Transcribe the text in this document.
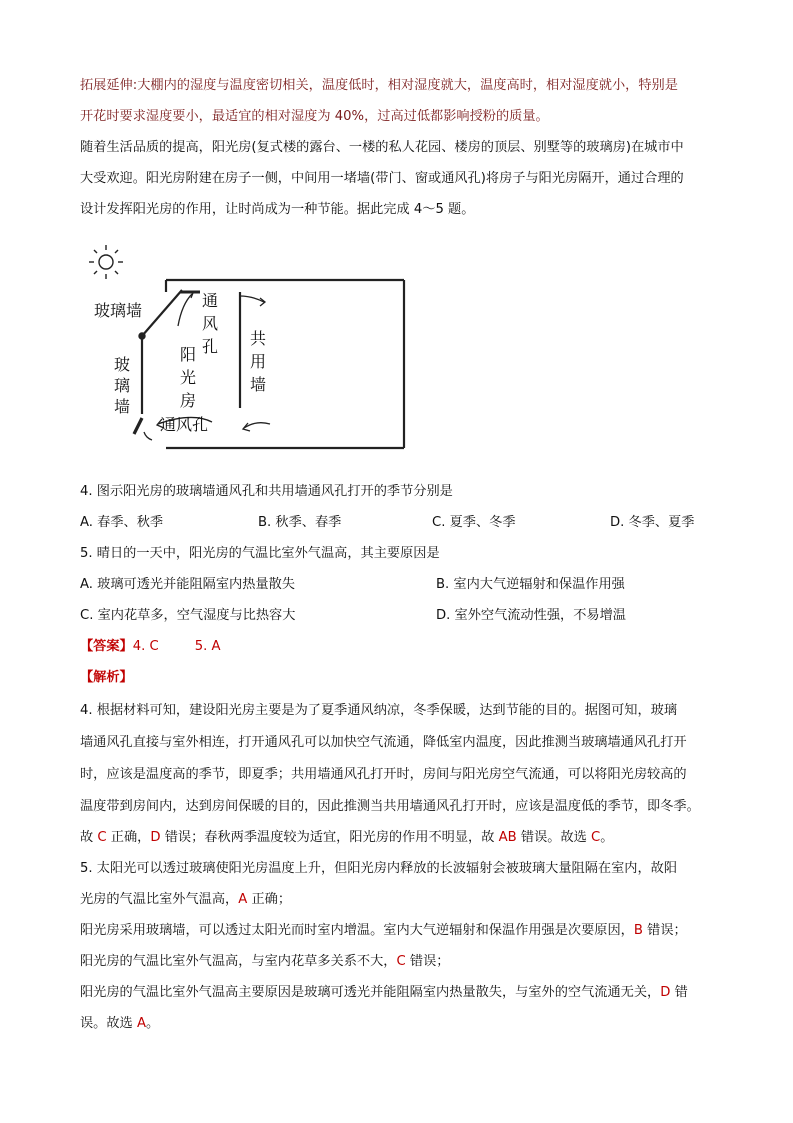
拓展延伸:大棚内的湿度与温度密切相关，温度低时，相对湿度就大，温度高时，相对湿度就小，特别是
开花时要求湿度要小，最适宜的相对湿度为 40%，过高过低都影响授粉的质量。
随着生活品质的提高，阳光房(复式楼的露台、一楼的私人花园、楼房的顶层、别墅等的玻璃房)在城市中
大受欢迎。阳光房附建在房子一侧，中间用一堵墙(带门、窗或通风孔)将房子与阳光房隔开，通过合理的
设计发挥阳光房的作用，让时尚成为一种节能。据此完成 4～5 题。
玻璃墙
通
风
孔
阳
光
房
共
用
墙
玻
璃
墙
通风孔
4. 图示阳光房的玻璃墙通风孔和共用墙通风孔打开的季节分别是
A. 春季、秋季	B. 秋季、春季	C. 夏季、冬季	D. 冬季、夏季
5. 晴日的一天中，阳光房的气温比室外气温高，其主要原因是
A. 玻璃可透光并能阻隔室内热量散失	B. 室内大气逆辐射和保温作用强
C. 室内花草多，空气湿度与比热容大	D. 室外空气流动性强，不易增温
【答案】4. C	5. A
【解析】
4. 根据材料可知，建设阳光房主要是为了夏季通风纳凉，冬季保暖，达到节能的目的。据图可知，玻璃
墙通风孔直接与室外相连，打开通风孔可以加快空气流通，降低室内温度，因此推测当玻璃墙通风孔打开
时，应该是温度高的季节，即夏季；共用墙通风孔打开时，房间与阳光房空气流通，可以将阳光房较高的
温度带到房间内，达到房间保暖的目的，因此推测当共用墙通风孔打开时，应该是温度低的季节，即冬季。
故 C 正确，D 错误；春秋两季温度较为适宜，阳光房的作用不明显，故 AB 错误。故选 C。
5. 太阳光可以透过玻璃使阳光房温度上升，但阳光房内释放的长波辐射会被玻璃大量阻隔在室内，故阳
光房的气温比室外气温高，A 正确；
阳光房采用玻璃墙，可以透过太阳光而时室内增温。室内大气逆辐射和保温作用强是次要原因，B 错误；
阳光房的气温比室外气温高，与室内花草多关系不大，C 错误；
阳光房的气温比室外气温高主要原因是玻璃可透光并能阻隔室内热量散失，与室外的空气流通无关，D 错
误。故选 A。
